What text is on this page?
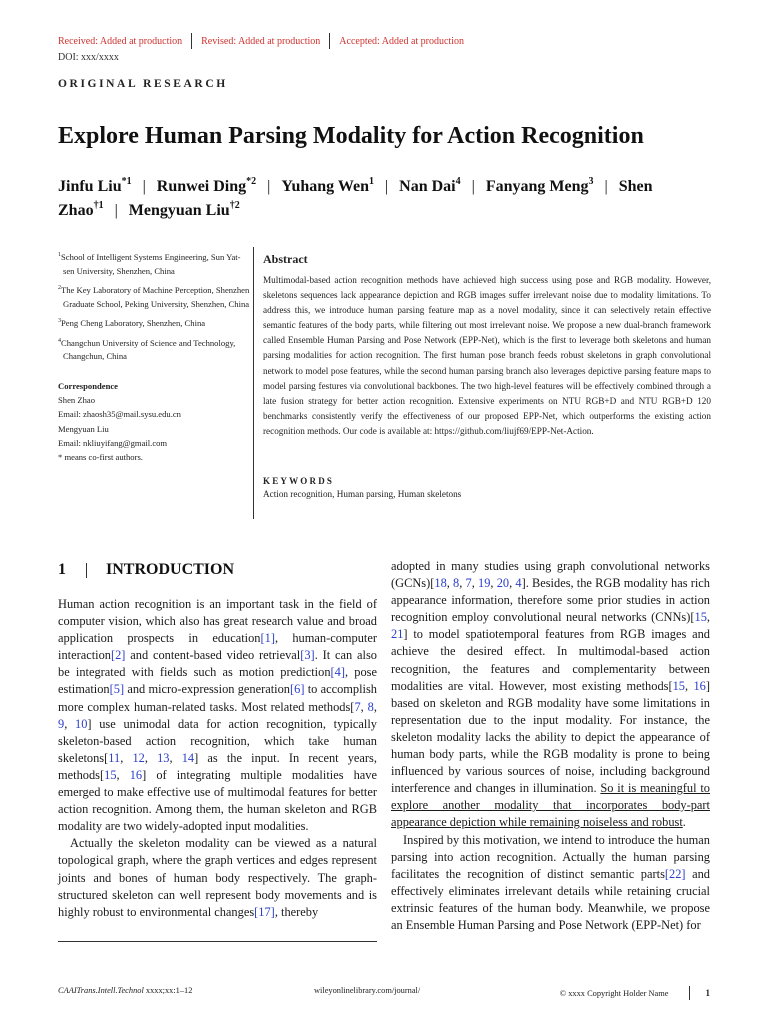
Received: Added at production Revised: Added at production Accepted: Added at production
DOI: xxx/xxxx
ORIGINAL RESEARCH
Explore Human Parsing Modality for Action Recognition
Jinfu Liu$^{*1}$ | Runwei Ding$^{*2}$ | Yuhang Wen$^1$ | Nan Dai$^4$ | Fanyang Meng$^3$ | Shen Zhao$^{\dagger 1}$ | Mengyuan Liu$^{\dagger 2}$
$^1$School of Intelligent Systems Engineering, Sun Yat-sen University, Shenzhen, China
$^2$The Key Laboratory of Machine Perception, Shenzhen Graduate School, Peking University, Shenzhen, China
$^3$Peng Cheng Laboratory, Shenzhen, China
$^4$Changchun University of Science and Technology, Changchun, China
Correspondence
Shen Zhao
Email: zhaosh35@mail.sysu.edu.cn
Mengyuan Liu
Email: nkliuyifang@gmail.com
* means co-first authors.
Abstract

Multimodal-based action recognition methods have achieved high success using pose and RGB modality. However, skeletons sequences lack appearance depiction and RGB images suffer irrelevant noise due to modality limitations. To address this, we introduce human parsing feature map as a novel modality, since it can selectively retain effective semantic features of the body parts, while filtering out most irrelevant noise. We propose a new dual-branch framework called Ensemble Human Parsing and Pose Network (EPP-Net), which is the first to leverage both skeletons and human parsing modalities for action recognition. The first human pose branch feeds robust skeletons in graph convolutional network to model pose features, while the second human parsing branch also leverages depictive parsing feature maps to model parsing festures via convolutional backbones. The two high-level features will be effectively combined through a late fusion strategy for better action recognition. Extensive experiments on NTU RGB+D and NTU RGB+D 120 benchmarks consistently verify the effectiveness of our proposed EPP-Net, which outperforms the existing action recognition methods. Our code is available at: https://github.com/liujf69/EPP-Net-Action.

KEYWORDS
Action recognition, Human parsing, Human skeletons
1	INTRODUCTION

Human action recognition is an important task in the field of computer vision, which also has great research value and broad application prospects in education[1], human-computer interaction[2] and content-based video retrieval[3]. It can also be integrated with fields such as motion prediction[4], pose estimation[5] and micro-expression generation[6] to accomplish more complex human-related tasks. Most related methods[7, 8, 9, 10] use unimodal data for action recognition, typically skeleton-based action recognition, which take human skeletons[11, 12, 13, 14] as the input. In recent years, methods[15, 16] of integrating multiple modalities have emerged to make effective use of multimodal features for better action recognition. Among them, the human skeleton and RGB modality are two widely-adopted input modalities.

Actually the skeleton modality can be viewed as a natural topological graph, where the graph vertices and edges represent joints and bones of human body respectively. The graph-structured skeleton can well represent body movements and is highly robust to environmental changes[17], thereby

adopted in many studies using graph convolutional networks (GCNs)[18, 8, 7, 19, 20, 4]. Besides, the RGB modality has rich appearance information, therefore some prior studies in action recognition employ convolutional neural networks (CNNs)[15, 21] to model spatiotemporal features from RGB images and achieve the desired effect. In multimodal-based action recognition, the features and complementarity between modalities are vital. However, most existing methods[15, 16] based on skeleton and RGB modality have some limitations in representation due to the input modality. For instance, the skeleton modality lacks the ability to depict the appearance of human body parts, while the RGB modality is prone to being influenced by various sources of noise, including background interference and changes in illumination. So it is meaningful to explore another modality that incorporates body-part appearance depiction while remaining noiseless and robust.

Inspired by this motivation, we intend to introduce the human parsing into action recognition. Actually the human parsing facilitates the recognition of distinct semantic parts[22] and effectively eliminates irrelevant details while retaining crucial extrinsic features of the human body. Meanwhile, we propose an Ensemble Human Parsing and Pose Network (EPP-Net) for

CAAITrans.Intell.Technol xxxx;xx:1–12	wileyonlinelibrary.com/journal/	© xxxx Copyright Holder Name	1
